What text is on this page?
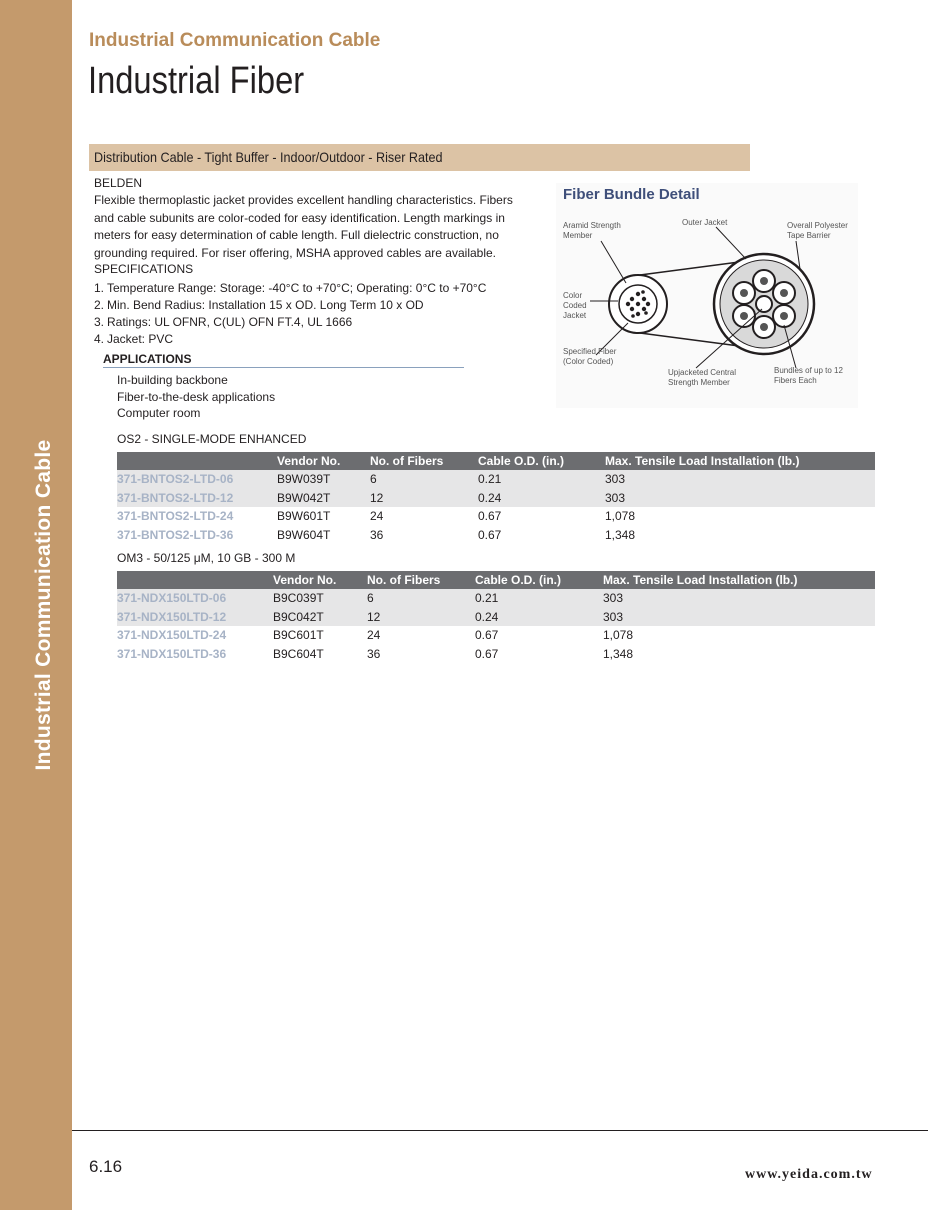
Industrial Communication Cable
Industrial Communication Cable
Industrial Fiber
Distribution Cable - Tight Buffer - Indoor/Outdoor - Riser Rated
BELDEN

Flexible thermoplastic jacket provides excellent handling characteristics. Fibers and cable subunits are color-coded for easy identification. Length markings in meters for easy determination of cable length. Full dielectric construction, no grounding required. For riser offering, MSHA approved cables are available.

SPECIFICATIONS
1. Temperature Range: Storage: -40°C to +70°C; Operating: 0°C to +70°C
2. Min. Bend Radius: Installation 15 x OD. Long Term 10 x OD
3. Ratings: UL OFNR, C(UL) OFN FT.4, UL 1666
4. Jacket: PVC
APPLICATIONS
In-building backbone
Fiber-to-the-desk applications
Computer room
Fiber Bundle Detail
Aramid Strength Member
Outer Jacket	Overall Polyester Tape Barrier
Color Coded Jacket
Specified Fiber (Color Coded)
Upjacketed Central Strength Member
Bundles of up to 12 Fibers Each
OS2 - SINGLE-MODE ENHANCED
	Vendor No.	No. of Fibers	Cable O.D. (in.)	Max. Tensile Load Installation (lb.)
371-BNTOS2-LTD-06	B9W039T	6	0.21	303
371-BNTOS2-LTD-12	B9W042T	12	0.24	303
371-BNTOS2-LTD-24	B9W601T	24	0.67	1,078
371-BNTOS2-LTD-36	B9W604T	36	0.67	1,348
OM3 - 50/125 μM, 10 GB - 300 M
	Vendor No.	No. of Fibers	Cable O.D. (in.)	Max. Tensile Load Installation (lb.)
371-NDX150LTD-06	B9C039T	6	0.21	303
371-NDX150LTD-12	B9C042T	12	0.24	303
371-NDX150LTD-24	B9C601T	24	0.67	1,078
371-NDX150LTD-36	B9C604T	36	0.67	1,348
6.16	www.yeida.com.tw
